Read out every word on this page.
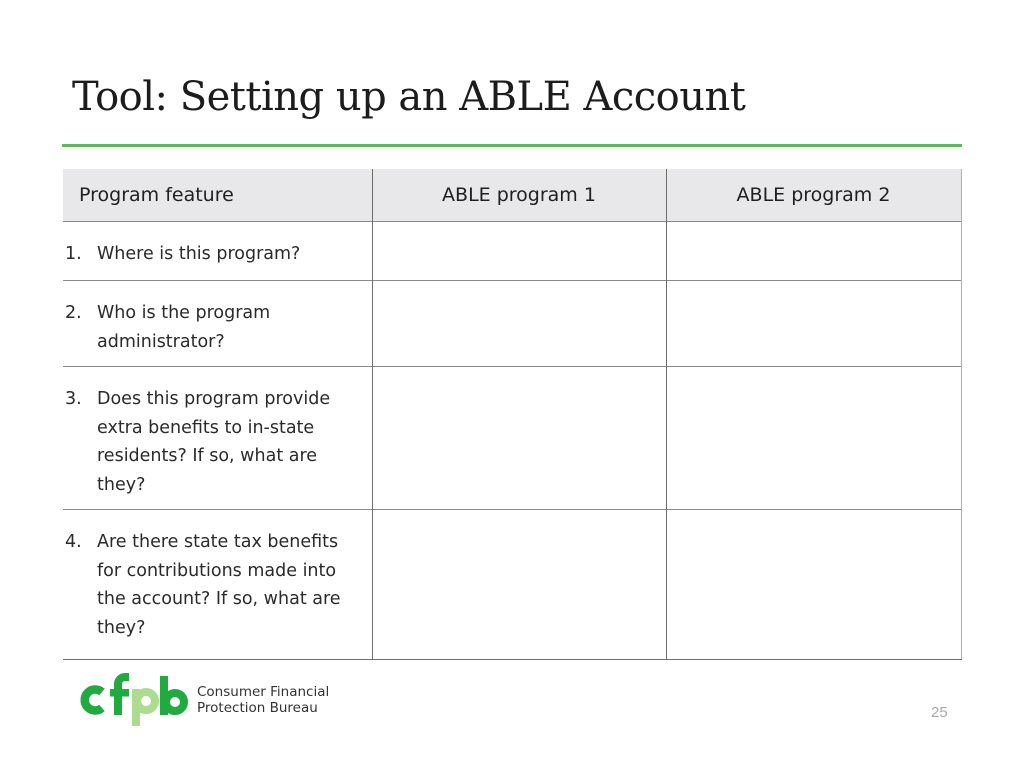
Tool: Setting up an ABLE Account
Program feature	ABLE program 1	ABLE program 2

1. Where is this program?		

2. Who is the program administrator?		

3. Does this program provide extra benefits to in-state residents? If so, what are they?		

4. Are there state tax benefits for contributions made into the account? If so, what are they?		

Consumer Financial
Protection Bureau	25
